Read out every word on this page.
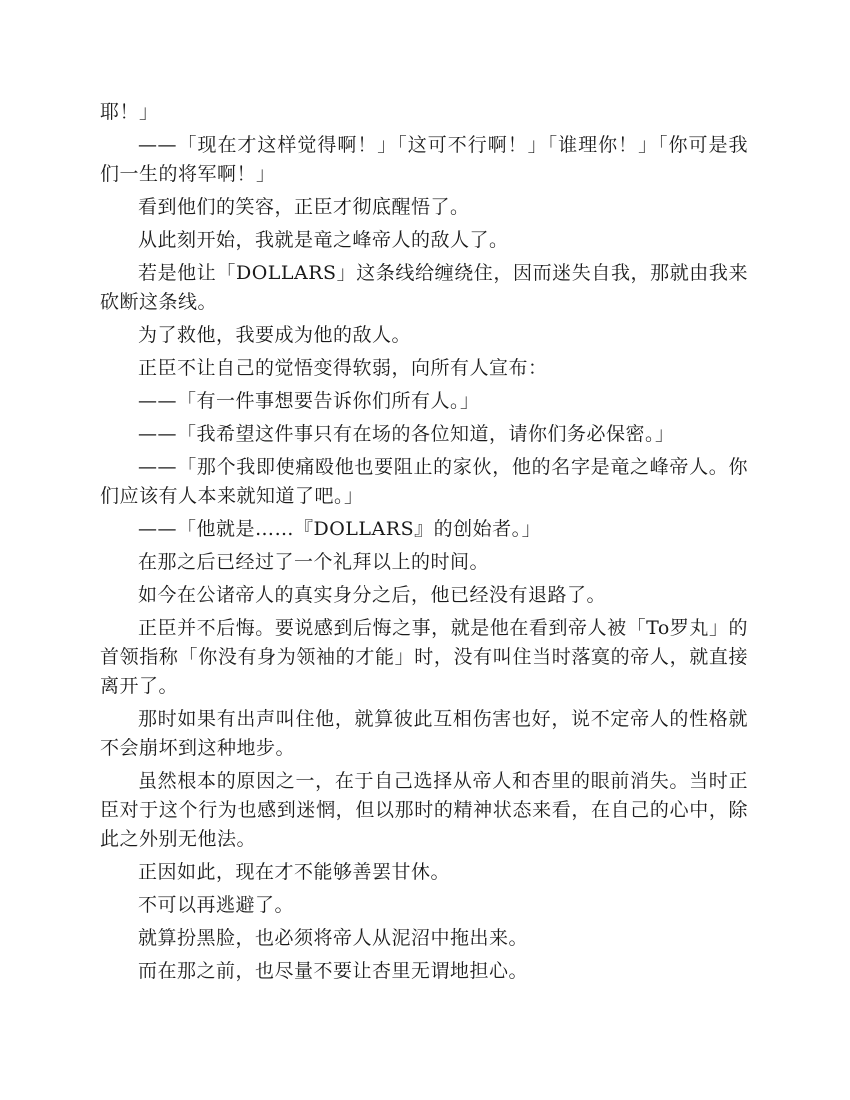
耶！」

——「现在才这样觉得啊！」「这可不行啊！」「谁理你！」「你可是我们一生的将军啊！」

看到他们的笑容，正臣才彻底醒悟了。

从此刻开始，我就是竜之峰帝人的敌人了。

若是他让「DOLLARS」这条线给缠绕住，因而迷失自我，那就由我来砍断这条线。

为了救他，我要成为他的敌人。

正臣不让自己的觉悟变得软弱，向所有人宣布：

——「有一件事想要告诉你们所有人。」

——「我希望这件事只有在场的各位知道，请你们务必保密。」

——「那个我即使痛殴他也要阻止的家伙，他的名字是竜之峰帝人。你们应该有人本来就知道了吧。」

——「他就是……『DOLLARS』的创始者。」

在那之后已经过了一个礼拜以上的时间。

如今在公诸帝人的真实身分之后，他已经没有退路了。

正臣并不后悔。要说感到后悔之事，就是他在看到帝人被「To罗丸」的首领指称「你没有身为领袖的才能」时，没有叫住当时落寞的帝人，就直接离开了。

那时如果有出声叫住他，就算彼此互相伤害也好，说不定帝人的性格就不会崩坏到这种地步。

虽然根本的原因之一，在于自己选择从帝人和杏里的眼前消失。当时正臣对于这个行为也感到迷惘，但以那时的精神状态来看，在自己的心中，除此之外别无他法。

正因如此，现在才不能够善罢甘休。

不可以再逃避了。

就算扮黑脸，也必须将帝人从泥沼中拖出来。

而在那之前，也尽量不要让杏里无谓地担心。
